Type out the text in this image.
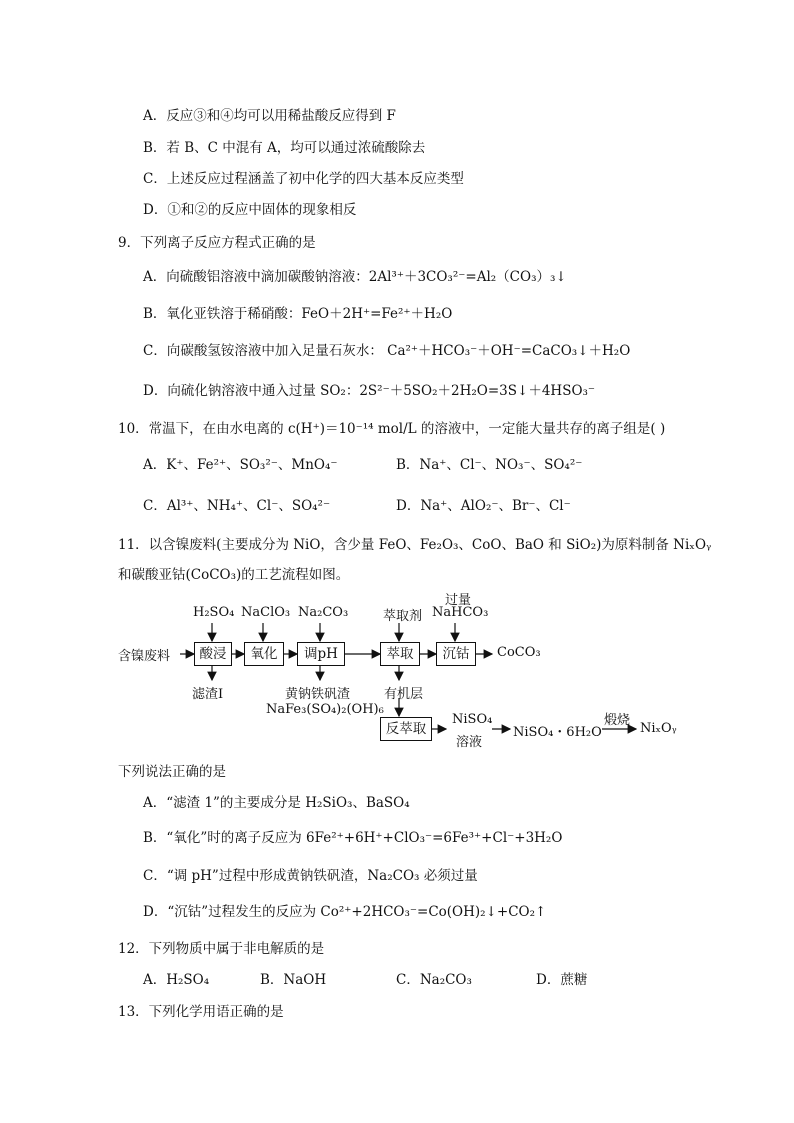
A．反应③和④均可以用稀盐酸反应得到 F
B．若 B、C 中混有 A，均可以通过浓硫酸除去
C．上述反应过程涵盖了初中化学的四大基本反应类型
D．①和②的反应中固体的现象相反
9．下列离子反应方程式正确的是
A．向硫酸铝溶液中滴加碳酸钠溶液：2Al³⁺＋3CO₃²⁻=Al₂（CO₃）₃↓
B．氧化亚铁溶于稀硝酸：FeO＋2H⁺=Fe²⁺＋H₂O
C．向碳酸氢铵溶液中加入足量石灰水： Ca²⁺＋HCO₃⁻＋OH⁻=CaCO₃↓＋H₂O
D．向硫化钠溶液中通入过量 SO₂：2S²⁻＋5SO₂＋2H₂O=3S↓＋4HSO₃⁻
10．常温下，在由水电离的 c(H⁺)＝10⁻¹⁴ mol/L 的溶液中，一定能大量共存的离子组是( )
A．K⁺、Fe²⁺、SO₃²⁻、MnO₄⁻	B．Na⁺、Cl⁻、NO₃⁻、SO₄²⁻
C．Al³⁺、NH₄⁺、Cl⁻、SO₄²⁻	D．Na⁺、AlO₂⁻、Br⁻、Cl⁻
11．以含镍废料(主要成分为 NiO，含少量 FeO、Fe₂O₃、CoO、BaO 和 SiO₂)为原料制备 NiₓOᵧ
和碳酸亚钴(CoCO₃)的工艺流程如图。
含镍废料	酸浸	氧化	调pH	萃取	沉钴
反萃取
H₂SO₄ NaClO₃ Na₂CO₃	萃取剂
过量
NaHCO₃
CoCO₃
滤渣Ⅰ	黄钠铁矾渣
NaFe₃(SO₄)₂(OH)₆
有机层
NiSO₄
溶液
NiSO₄・6H₂O
煅烧
NiₓOᵧ
下列说法正确的是
A．“滤渣 1”的主要成分是 H₂SiO₃、BaSO₄
B．“氧化”时的离子反应为 6Fe²⁺+6H⁺+ClO₃⁻=6Fe³⁺+Cl⁻+3H₂O
C．“调 pH”过程中形成黄钠铁矾渣，Na₂CO₃ 必须过量
D．“沉钴”过程发生的反应为 Co²⁺+2HCO₃⁻=Co(OH)₂↓+CO₂↑
12．下列物质中属于非电解质的是
A．H₂SO₄	B．NaOH	C．Na₂CO₃	D．蔗糖
13．下列化学用语正确的是
